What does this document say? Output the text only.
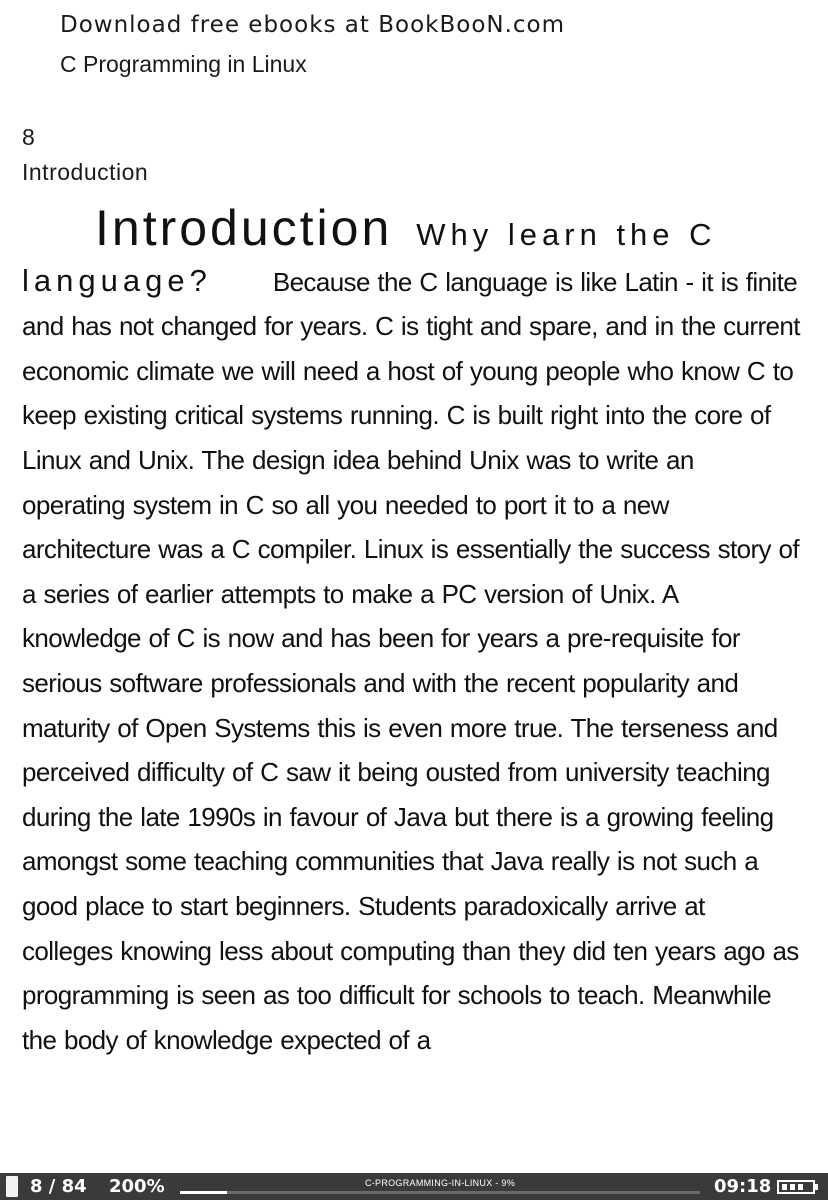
Download free ebooks at BookBooN.com
C Programming in Linux
8
Introduction
Introduction Why learn the C language? Because the C language is like Latin - it is finite and has not changed for years. C is tight and spare, and in the current economic climate we will need a host of young people who know C to keep existing critical systems running. C is built right into the core of Linux and Unix. The design idea behind Unix was to write an operating system in C so all you needed to port it to a new architecture was a C compiler. Linux is essentially the success story of a series of earlier attempts to make a PC version of Unix. A knowledge of C is now and has been for years a pre-requisite for serious software professionals and with the recent popularity and maturity of Open Systems this is even more true. The terseness and perceived difficulty of C saw it being ousted from university teaching during the late 1990s in favour of Java but there is a growing feeling amongst some teaching communities that Java really is not such a good place to start beginners. Students paradoxically arrive at colleges knowing less about computing than they did ten years ago as programming is seen as too difficult for schools to teach. Meanwhile the body of knowledge expected of a
8 / 84 200%	C-PROGRAMMING-IN-LINUX - 9%	09:18
